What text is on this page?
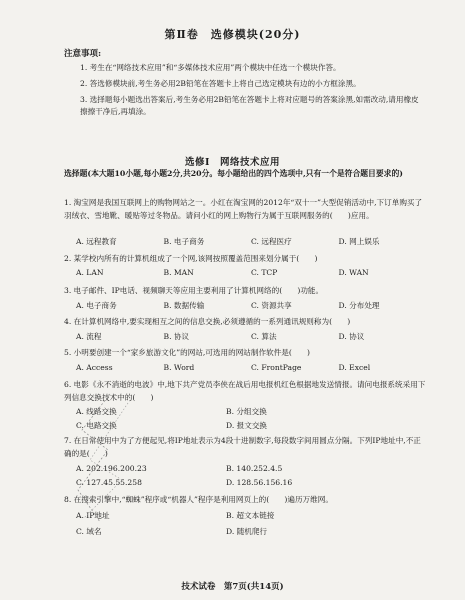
第Ⅱ卷　选修模块(20分)
注意事项:
1. 考生在“网络技术应用”和“多媒体技术应用”两个模块中任选一个模块作答。
2. 答选修模块前,考生务必用2B铅笔在答题卡上将自己选定模块有边的小方框涂黑。
3. 选择题每小题选出答案后,考生务必用2B铅笔在答题卡上将对应题号的答案涂黑,如需改动,请用橡皮擦擦干净后,再填涂。
选修Ⅰ　网络技术应用
选择题(本大题10小题,每小题2分,共20分。每小题给出的四个选项中,只有一个是符合题目要求的)
1. 淘宝网是我国互联网上的购物网站之一。小红在淘宝网的2012年“双十一”大型促销活动中,下订单购买了羽绒衣、雪地靴、暖贴等过冬物品。请问小红的网上购物行为属于互联网服务的(　　)应用。
A. 远程教育	B. 电子商务	C. 远程医疗	D. 网上娱乐
2. 某学校内所有的计算机组成了一个网,该网按照覆盖范围来划分属于(　　)
A. LAN	B. MAN	C. TCP	D. WAN
3. 电子邮件、IP电话、视频聊天等应用主要利用了计算机网络的(　　)功能。
A. 电子商务	B. 数据传输	C. 资源共享	D. 分布处理
4. 在计算机网络中,要实现相互之间的信息交换,必须遵循的一系列通讯规则称为(　　)
A. 流程	B. 协议	C. 算法	D. 协议
5. 小明要创建一个“家乡旅游文化”的网站,可选用的网站制作软件是(　　)
A. Access	B. Word	C. FrontPage	D. Excel
6. 电影《永不消逝的电波》中,地下共产党员李侠在战后用电报机红色根据地发送情报。请问电报系统采用下列信息交换技术中的(　　)
A. 线路交换	B. 分组交换
C. 电路交换	D. 报文交换
7. 在日常使用中为了方便起见,将IP地址表示为4段十进制数字,每段数字间用圆点分隔。下列IP地址中,不正确的是(　　)
A. 202.196.200.23	B. 140.252.4.5
C. 127.45.55.258	D. 128.56.156.16
8. 在搜索引擎中,“蜘蛛”程序或“机器人”程序是利用网页上的(　　)遍历万维网。
A. IP地址	B. 超文本链接
C. 域名	D. 随机爬行
技术试卷　第7页(共14页)
